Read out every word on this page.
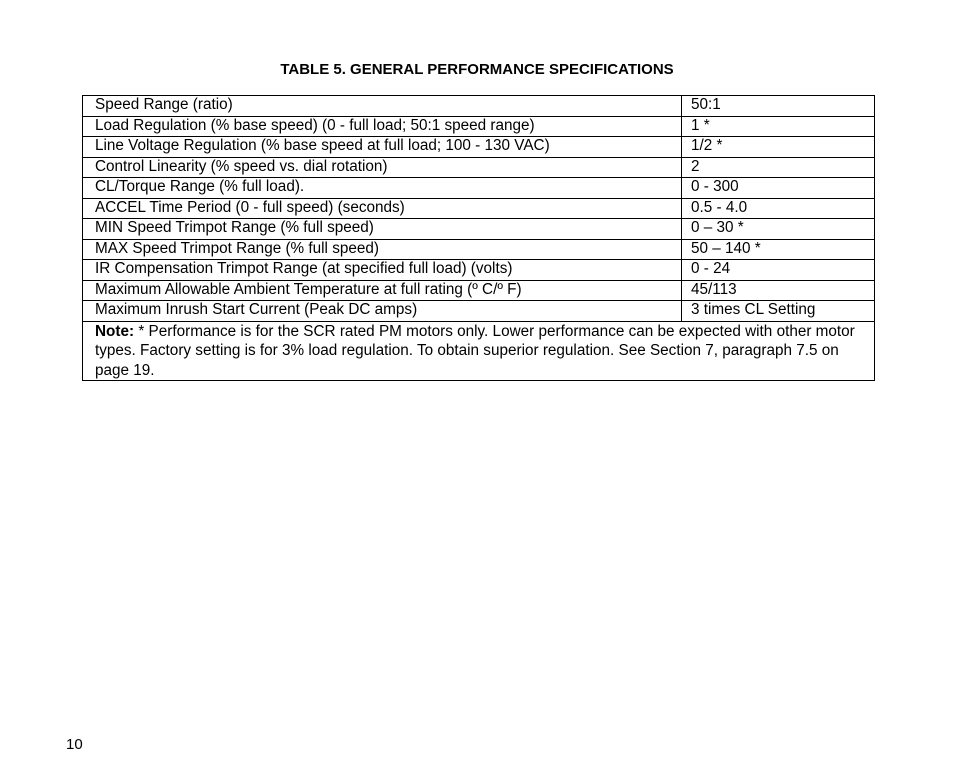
TABLE 5. GENERAL PERFORMANCE SPECIFICATIONS
Speed Range (ratio)	50:1
Load Regulation (% base speed) (0 - full load; 50:1 speed range)	1 *
Line Voltage Regulation (% base speed at full load; 100 - 130 VAC)	1/2 *
Control Linearity (% speed vs. dial rotation)	2
CL/Torque Range (% full load).	0 - 300
ACCEL Time Period (0 - full speed) (seconds)	0.5 - 4.0
MIN Speed Trimpot Range (% full speed)	0 – 30 *
MAX Speed Trimpot Range (% full speed)	50 – 140 *
IR Compensation Trimpot Range (at specified full load) (volts)	0 - 24
Maximum Allowable Ambient Temperature at full rating (º C/º F)	45/113
Maximum Inrush Start Current (Peak DC amps)	3 times CL Setting
Note: * Performance is for the SCR rated PM motors only. Lower performance can be expected with other motor types. Factory setting is for 3% load regulation. To obtain superior regulation. See Section 7, paragraph 7.5 on page 19.	
10
